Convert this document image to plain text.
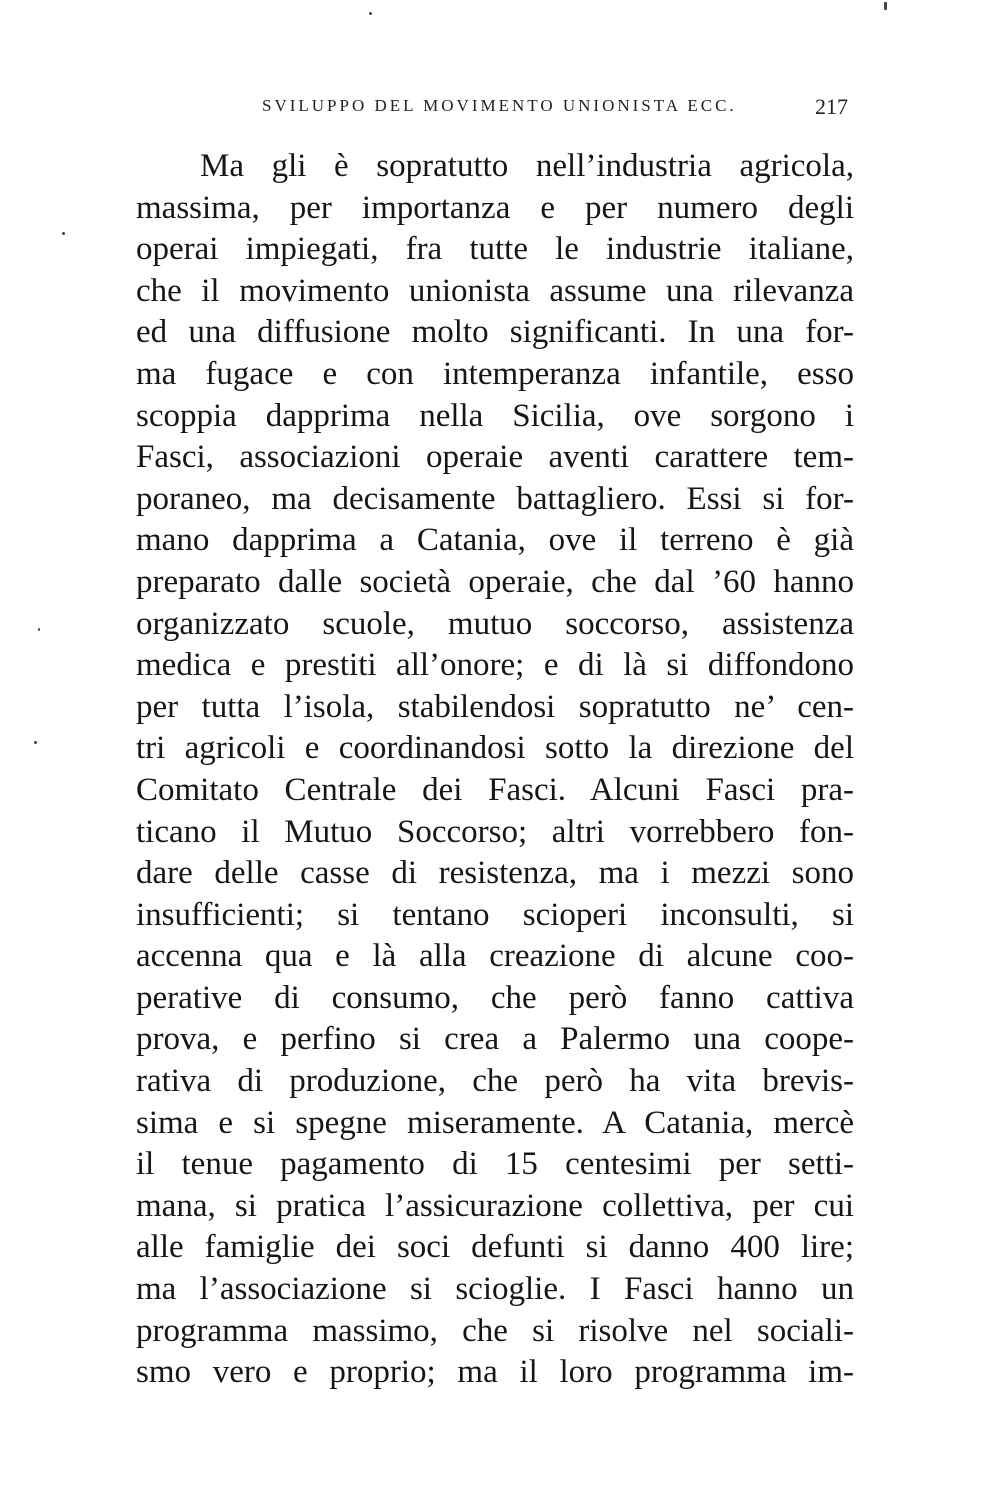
SVILUPPO DEL MOVIMENTO UNIONISTA ECC.	217
Ma gli è sopratutto nell’industria agricola,
massima, per importanza e per numero degli
operai impiegati, fra tutte le industrie italiane,
che il movimento unionista assume una rilevanza
ed una diffusione molto significanti. In una for-
ma fugace e con intemperanza infantile, esso
scoppia dapprima nella Sicilia, ove sorgono i
Fasci, associazioni operaie aventi carattere tem-
poraneo, ma decisamente battagliero. Essi si for-
mano dapprima a Catania, ove il terreno è già
preparato dalle società operaie, che dal ’60 hanno
organizzato scuole, mutuo soccorso, assistenza
medica e prestiti all’onore; e di là si diffondono
per tutta l’isola, stabilendosi sopratutto ne’ cen-
tri agricoli e coordinandosi sotto la direzione del
Comitato Centrale dei Fasci. Alcuni Fasci pra-
ticano il Mutuo Soccorso; altri vorrebbero fon-
dare delle casse di resistenza, ma i mezzi sono
insufficienti; si tentano scioperi inconsulti, si
accenna qua e là alla creazione di alcune coo-
perative di consumo, che però fanno cattiva
prova, e perfino si crea a Palermo una coope-
rativa di produzione, che però ha vita brevis-
sima e si spegne miseramente. A Catania, mercè
il tenue pagamento di 15 centesimi per setti-
mana, si pratica l’assicurazione collettiva, per cui
alle famiglie dei soci defunti si danno 400 lire;
ma l’associazione si scioglie. I Fasci hanno un
programma massimo, che si risolve nel sociali-
smo vero e proprio; ma il loro programma im-
